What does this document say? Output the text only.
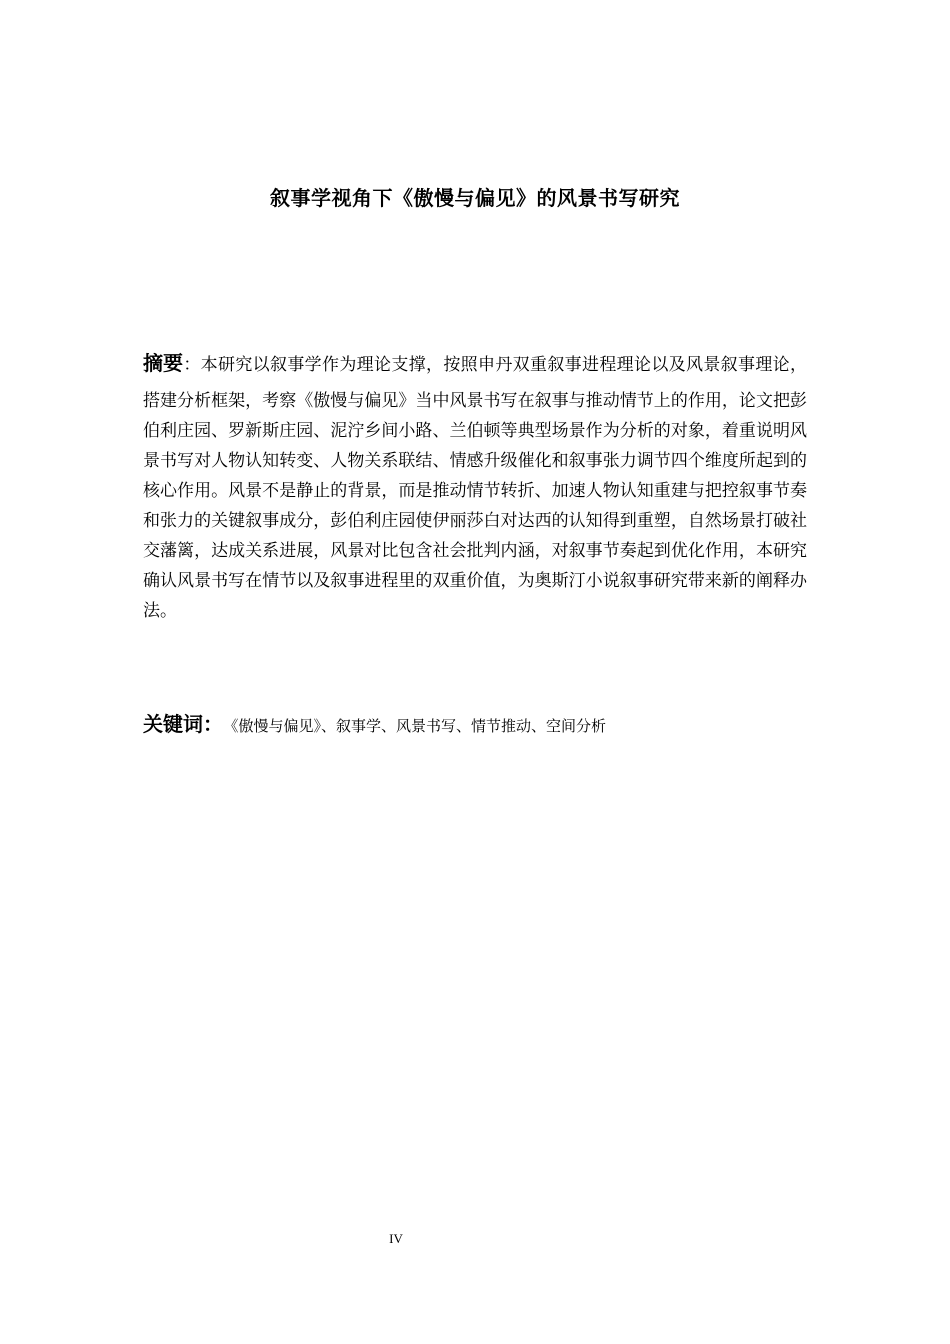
叙事学视角下《傲慢与偏见》的风景书写研究

摘要：本研究以叙事学作为理论支撑，按照申丹双重叙事进程理论以及风景叙事理论，搭建分析框架，考察《傲慢与偏见》当中风景书写在叙事与推动情节上的作用，论文把彭伯利庄园、罗新斯庄园、泥泞乡间小路、兰伯顿等典型场景作为分析的对象，着重说明风景书写对人物认知转变、人物关系联结、情感升级催化和叙事张力调节四个维度所起到的核心作用。风景不是静止的背景，而是推动情节转折、加速人物认知重建与把控叙事节奏和张力的关键叙事成分，彭伯利庄园使伊丽莎白对达西的认知得到重塑，自然场景打破社交藩篱，达成关系进展，风景对比包含社会批判内涵，对叙事节奏起到优化作用，本研究确认风景书写在情节以及叙事进程里的双重价值，为奥斯汀小说叙事研究带来新的阐释办法。

关键词： 《傲慢与偏见》、叙事学、风景书写、情节推动、空间分析
IV
